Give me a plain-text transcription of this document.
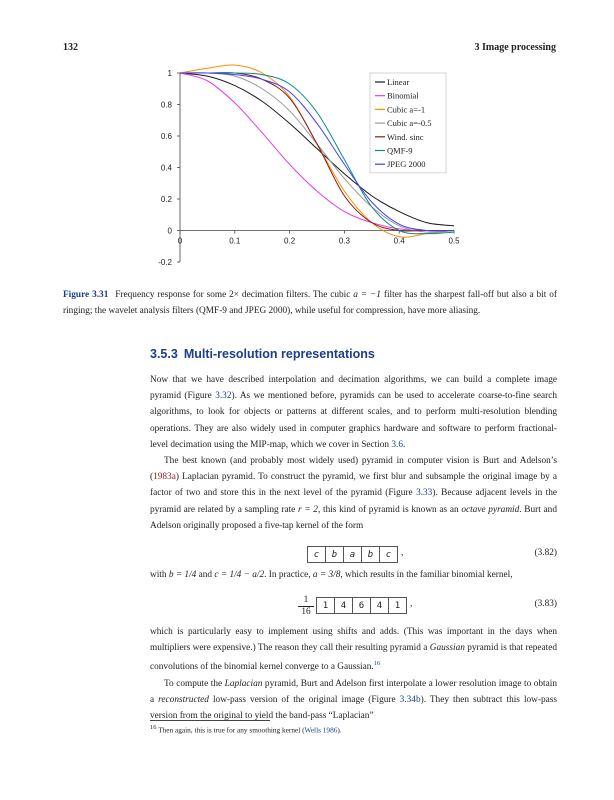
132	3 Image processing
-0.2
0
0.2
0.4
0.6
0.8
1
0	0.1	0.2	0.3	0.4	0.5
Linear
Binomial
Cubic a=-1
Cubic a=-0.5
Wind. sinc
QMF-9
JPEG 2000
Figure 3.31 Frequency response for some 2× decimation filters. The cubic a = −1 filter has the sharpest fall-off but also a bit of ringing; the wavelet analysis filters (QMF-9 and JPEG 2000), while useful for compression, have more aliasing.
3.5.3 Multi-resolution representations

Now that we have described interpolation and decimation algorithms, we can build a complete image pyramid (Figure 3.32). As we mentioned before, pyramids can be used to accelerate coarse-to-fine search algorithms, to look for objects or patterns at different scales, and to perform multi-resolution blending operations. They are also widely used in computer graphics hardware and software to perform fractional-level decimation using the MIP-map, which we cover in Section 3.6.

The best known (and probably most widely used) pyramid in computer vision is Burt and Adelson’s (1983a) Laplacian pyramid. To construct the pyramid, we first blur and subsample the original image by a factor of two and store this in the next level of the pyramid (Figure 3.33). Because adjacent levels in the pyramid are related by a sampling rate r = 2, this kind of pyramid is known as an octave pyramid. Burt and Adelson originally proposed a five-tap kernel of the form

c	b	a	b	c	,	(3.82)

with b = 1/4 and c = 1/4 − a/2. In practice, a = 3/8, which results in the familiar binomial kernel,

$\frac{1}{16} 1$	4	6	4	1	,	(3.83)

which is particularly easy to implement using shifts and adds. (This was important in the days when multipliers were expensive.) The reason they call their resulting pyramid a Gaussian pyramid is that repeated convolutions of the binomial kernel converge to a Gaussian.$^{16}$

To compute the Laplacian pyramid, Burt and Adelson first interpolate a lower resolution image to obtain a reconstructed low-pass version of the original image (Figure 3.34b). They then subtract this low-pass version from the original to yield the band-pass “Laplacian”

$^{16}$ Then again, this is true for any smoothing kernel (Wells 1986).
